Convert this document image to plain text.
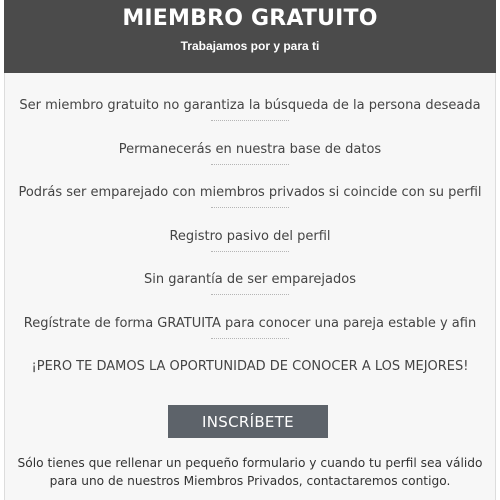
MIEMBRO GRATUITO
Trabajamos por y para ti
Ser miembro gratuito no garantiza la búsqueda de la persona deseada
Permanecerás en nuestra base de datos
Podrás ser emparejado con miembros privados si coincide con su perfil
Registro pasivo del perfil
Sin garantía de ser emparejados
Regístrate de forma GRATUITA para conocer una pareja estable y afin
¡PERO TE DAMOS LA OPORTUNIDAD DE CONOCER A LOS MEJORES!
INSCRÍBETE
Sólo tienes que rellenar un pequeño formulario y cuando tu perfil sea válido
para uno de nuestros Miembros Privados, contactaremos contigo.
